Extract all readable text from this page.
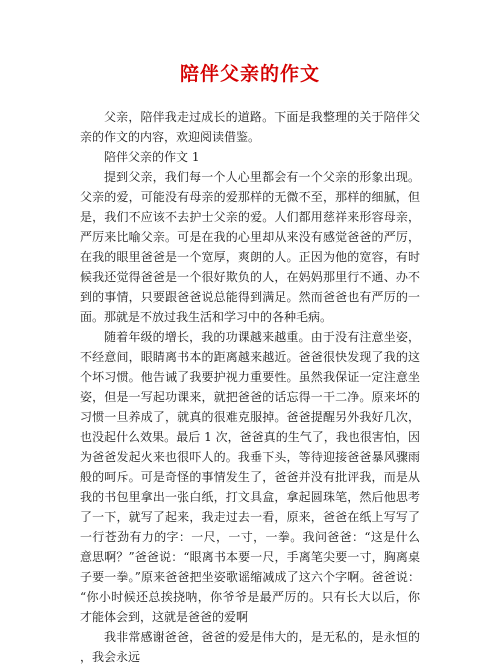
陪伴父亲的作文

父亲，陪伴我走过成长的道路。下面是我整理的关于陪伴父亲的作文的内容，欢迎阅读借鉴。

陪伴父亲的作文 1

提到父亲，我们每一个人心里都会有一个父亲的形象出现。父亲的爱，可能没有母亲的爱那样的无微不至，那样的细腻，但是，我们不应该不去护士父亲的爱。人们都用慈祥来形容母亲，严厉来比喻父亲。可是在我的心里却从来没有感觉爸爸的严厉，在我的眼里爸爸是一个宽厚，爽朗的人。正因为他的宽容，有时候我还觉得爸爸是一个很好欺负的人，在妈妈那里行不通、办不到的事情，只要跟爸爸说总能得到满足。然而爸爸也有严厉的一面。那就是不放过我生活和学习中的各种毛病。

随着年级的增长，我的功课越来越重。由于没有注意坐姿，不经意间，眼睛离书本的距离越来越近。爸爸很快发现了我的这个坏习惯。他告诫了我要护视力重要性。虽然我保证一定注意坐姿，但是一写起功课来，就把爸爸的话忘得一干二净。原来坏的习惯一旦养成了，就真的很难克服掉。爸爸提醒另外我好几次，也没起什么效果。最后 1 次，爸爸真的生气了，我也很害怕，因为爸爸发起火来也很吓人的。我垂下头，等待迎接爸爸暴风骤雨般的呵斥。可是奇怪的事情发生了，爸爸并没有批评我，而是从我的书包里拿出一张白纸，打文具盒，拿起圆珠笔，然后他思考了一下，就写了起来，我走过去一看，原来，爸爸在纸上写写了一行苍劲有力的字：一尺，一寸，一拳。我问爸爸：“这是什么意思啊？”爸爸说：“眼离书本要一尺，手离笔尖要一寸，胸离桌子要一拳。”原来爸爸把坐姿歌谣缩减成了这六个字啊。爸爸说：“你小时候还总挨挠呐，你爷爷是最严厉的。只有长大以后，你才能体会到，这就是爸爸的爱啊

我非常感谢爸爸，爸爸的爱是伟大的，是无私的，是永恒的，我会永远
